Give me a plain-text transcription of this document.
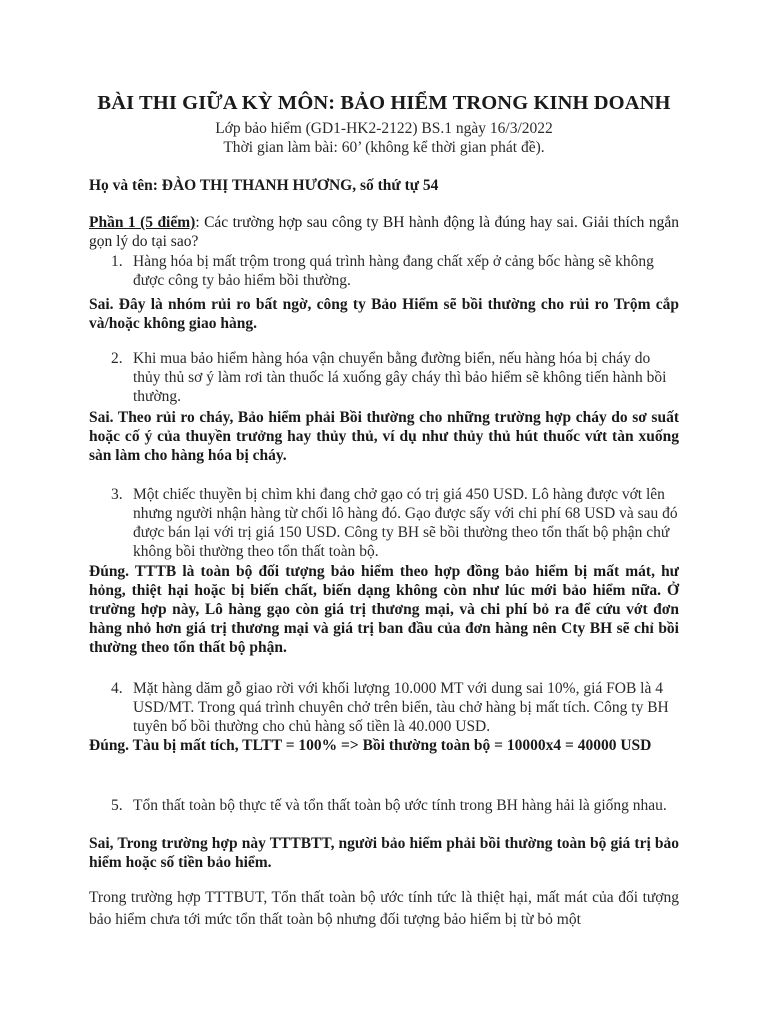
BÀI THI GIỮA KỲ MÔN: BẢO HIỂM TRONG KINH DOANH
Lớp bảo hiểm (GD1-HK2-2122) BS.1 ngày 16/3/2022
Thời gian làm bài: 60’ (không kể thời gian phát đề).
Họ và tên: ĐÀO THỊ THANH HƯƠNG, số thứ tự 54
Phần 1 (5 điểm): Các trường hợp sau công ty BH hành động là đúng hay sai. Giải thích ngắn gọn lý do tại sao?
1. Hàng hóa bị mất trộm trong quá trình hàng đang chất xếp ở cảng bốc hàng sẽ không được công ty bảo hiểm bồi thường.
Sai. Đây là nhóm rủi ro bất ngờ, công ty Bảo Hiểm sẽ bồi thường cho rủi ro Trộm cắp và/hoặc không giao hàng.
2. Khi mua bảo hiểm hàng hóa vận chuyển bằng đường biển, nếu hàng hóa bị cháy do thủy thủ sơ ý làm rơi tàn thuốc lá xuống gây cháy thì bảo hiểm sẽ không tiến hành bồi thường.
Sai. Theo rủi ro cháy, Bảo hiểm phải Bồi thường cho những trường hợp cháy do sơ suất hoặc cố ý của thuyền trưởng hay thủy thủ, ví dụ như thủy thủ hút thuốc vứt tàn xuống sàn làm cho hàng hóa bị cháy.
3. Một chiếc thuyền bị chìm khi đang chở gạo có trị giá 450 USD. Lô hàng được vớt lên nhưng người nhận hàng từ chối lô hàng đó. Gạo được sấy với chi phí 68 USD và sau đó được bán lại với trị giá 150 USD. Công ty BH sẽ bồi thường theo tổn thất bộ phận chứ không bồi thường theo tổn thất toàn bộ.
Đúng. TTTB là toàn bộ đối tượng bảo hiểm theo hợp đồng bảo hiểm bị mất mát, hư hỏng, thiệt hại hoặc bị biến chất, biến dạng không còn như lúc mới bảo hiểm nữa. Ở trường hợp này, Lô hàng gạo còn giá trị thương mại, và chi phí bỏ ra để cứu vớt đơn hàng nhỏ hơn giá trị thương mại và giá trị ban đầu của đơn hàng nên Cty BH sẽ chỉ bồi thường theo tổn thất bộ phận.
4. Mặt hàng dăm gỗ giao rời với khối lượng 10.000 MT với dung sai 10%, giá FOB là 4 USD/MT. Trong quá trình chuyên chở trên biển, tàu chở hàng bị mất tích. Công ty BH tuyên bố bồi thường cho chủ hàng số tiền là 40.000 USD.
Đúng. Tàu bị mất tích, TLTT = 100% => Bồi thường toàn bộ = 10000x4 = 40000 USD
5. Tổn thất toàn bộ thực tế và tổn thất toàn bộ ước tính trong BH hàng hải là giống nhau.
Sai, Trong trường hợp này TTTBTT, người bảo hiểm phải bồi thường toàn bộ giá trị bảo hiểm hoặc số tiền bảo hiểm.
Trong trường hợp TTTBUT, Tổn thất toàn bộ ước tính tức là thiệt hại, mất mát của đối tượng bảo hiểm chưa tới mức tổn thất toàn bộ nhưng đối tượng bảo hiểm bị từ bỏ một
